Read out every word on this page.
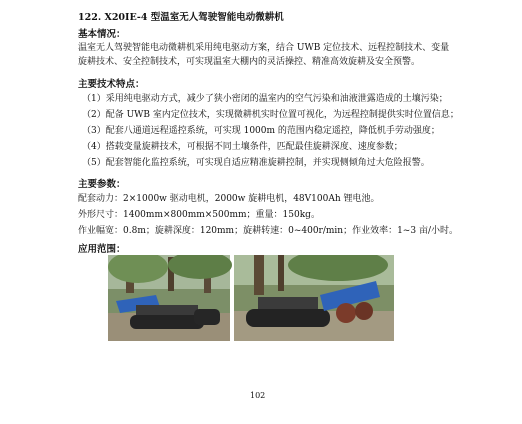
122. X20IE-4 型温室无人驾驶智能电动微耕机
基本情况：
温室无人驾驶智能电动微耕机采用纯电驱动方案，结合 UWB 定位技术、远程控制技术、变量
旋耕技术、安全控制技术，可实现温室大棚内的灵活操控、精准高效旋耕及安全预警。
主要技术特点：
（1）采用纯电驱动方式，减少了狭小密闭的温室内的空气污染和油液泄露造成的土壤污染；
（2）配备 UWB 室内定位技术，实现微耕机实时位置可视化，为远程控制提供实时位置信息；
（3）配套八通道远程遥控系统，可实现 1000m 的范围内稳定遥控，降低机手劳动强度；
（4）搭载变量旋耕技术，可根据不同土壤条件，匹配最佳旋耕深度、速度参数；
（5）配套智能化监控系统，可实现自适应精准旋耕控制，并实现侧倾角过大危险报警。
主要参数：
配套动力：2×1000w 驱动电机，2000w 旋耕电机，48V100Ah 锂电池。
外形尺寸：1400mm×800mm×500mm；重量：150kg。
作业幅宽：0.8m；旋耕深度：120mm；旋耕转速：0~400r/min；作业效率：1~3 亩/小时。
应用范围：
102
